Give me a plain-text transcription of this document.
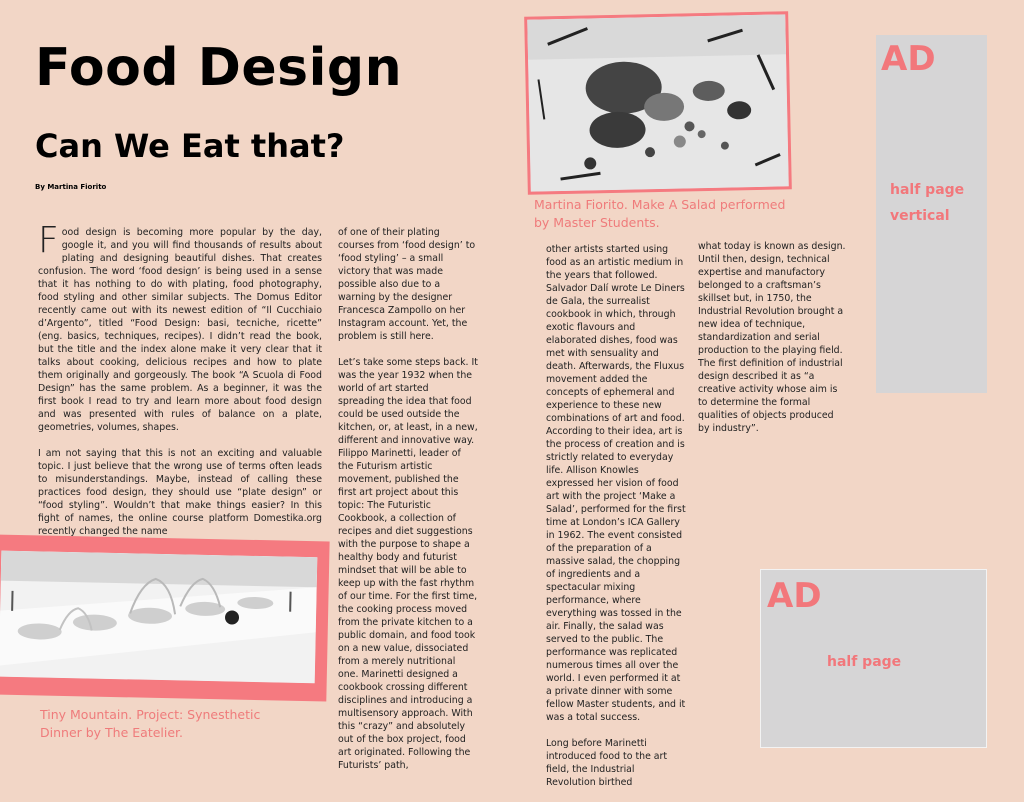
Food Design
Can We Eat that?
By Martina Fiorito

Food design is becoming more popular by the day, google it, and you will find thousands of results about plating and designing beautiful dishes. That creates confusion. The word ‘food design’ is being used in a sense that it has nothing to do with plating, food photography, food styling and other similar subjects. The Domus Editor recently came out with its newest edition of “Il Cucchiaio d’Argento”, titled “Food Design: basi, tecniche, ricette” (eng. basics, techniques, recipes). I didn’t read the book, but the title and the index alone make it very clear that it talks about cooking, delicious recipes and how to plate them originally and gorgeously. The book “A Scuola di Food Design” has the same problem. As a beginner, it was the first book I read to try and learn more about food design and was presented with rules of balance on a plate, geometries, volumes, shapes.

I am not saying that this is not an exciting and valuable topic. I just believe that the wrong use of terms often leads to misunderstandings. Maybe, instead of calling these practices food design, they should use “plate design” or “food styling”. Wouldn’t that make things easier? In this fight of names, the online course platform Domestika.org recently changed the name

of one of their plating courses from ‘food design’ to ‘food styling’ – a small victory that was made possible also due to a warning by the designer Francesca Zampollo on her Instagram account. Yet, the problem is still here.

Let’s take some steps back. It was the year 1932 when the world of art started spreading the idea that food could be used outside the kitchen, or, at least, in a new, different and innovative way. Filippo Marinetti, leader of the Futurism artistic movement, published the first art project about this topic: The Futuristic Cookbook, a collection of recipes and diet suggestions with the purpose to shape a healthy body and futurist mindset that will be able to keep up with the fast rhythm of our time. For the first time, the cooking process moved from the private kitchen to a public domain, and food took on a new value, dissociated from a merely nutritional one. Marinetti designed a cookbook crossing different disciplines and introducing a multisensory approach. With this “crazy” and absolutely out of the box project, food art originated. Following the Futurists’ path,

other artists started using food as an artistic medium in the years that followed. Salvador Dalí wrote Le Diners de Gala, the surrealist cookbook in which, through exotic flavours and elaborated dishes, food was met with sensuality and death. Afterwards, the Fluxus movement added the concepts of ephemeral and experience to these new combinations of art and food. According to their idea, art is the process of creation and is strictly related to everyday life. Allison Knowles expressed her vision of food art with the project ‘Make a Salad’, performed for the first time at London’s ICA Gallery in 1962. The event consisted of the preparation of a massive salad, the chopping of ingredients and a spectacular mixing performance, where everything was tossed in the air. Finally, the salad was served to the public. The performance was replicated numerous times all over the world. I even performed it at a private dinner with some fellow Master students, and it was a total success.

Long before Marinetti introduced food to the art field, the Industrial Revolution birthed

what today is known as design. Until then, design, technical expertise and manufactory belonged to a craftsman’s skillset but, in 1750, the Industrial Revolution brought a new idea of technique, standardization and serial production to the playing field. The first definition of industrial design described it as “a creative activity whose aim is to determine the formal qualities of objects produced by industry”.

Martina Fiorito. Make A Salad performed by Master Students.
Tiny Mountain. Project: Synesthetic Dinner by The Eatelier.
AD
half page vertical
AD
half page
